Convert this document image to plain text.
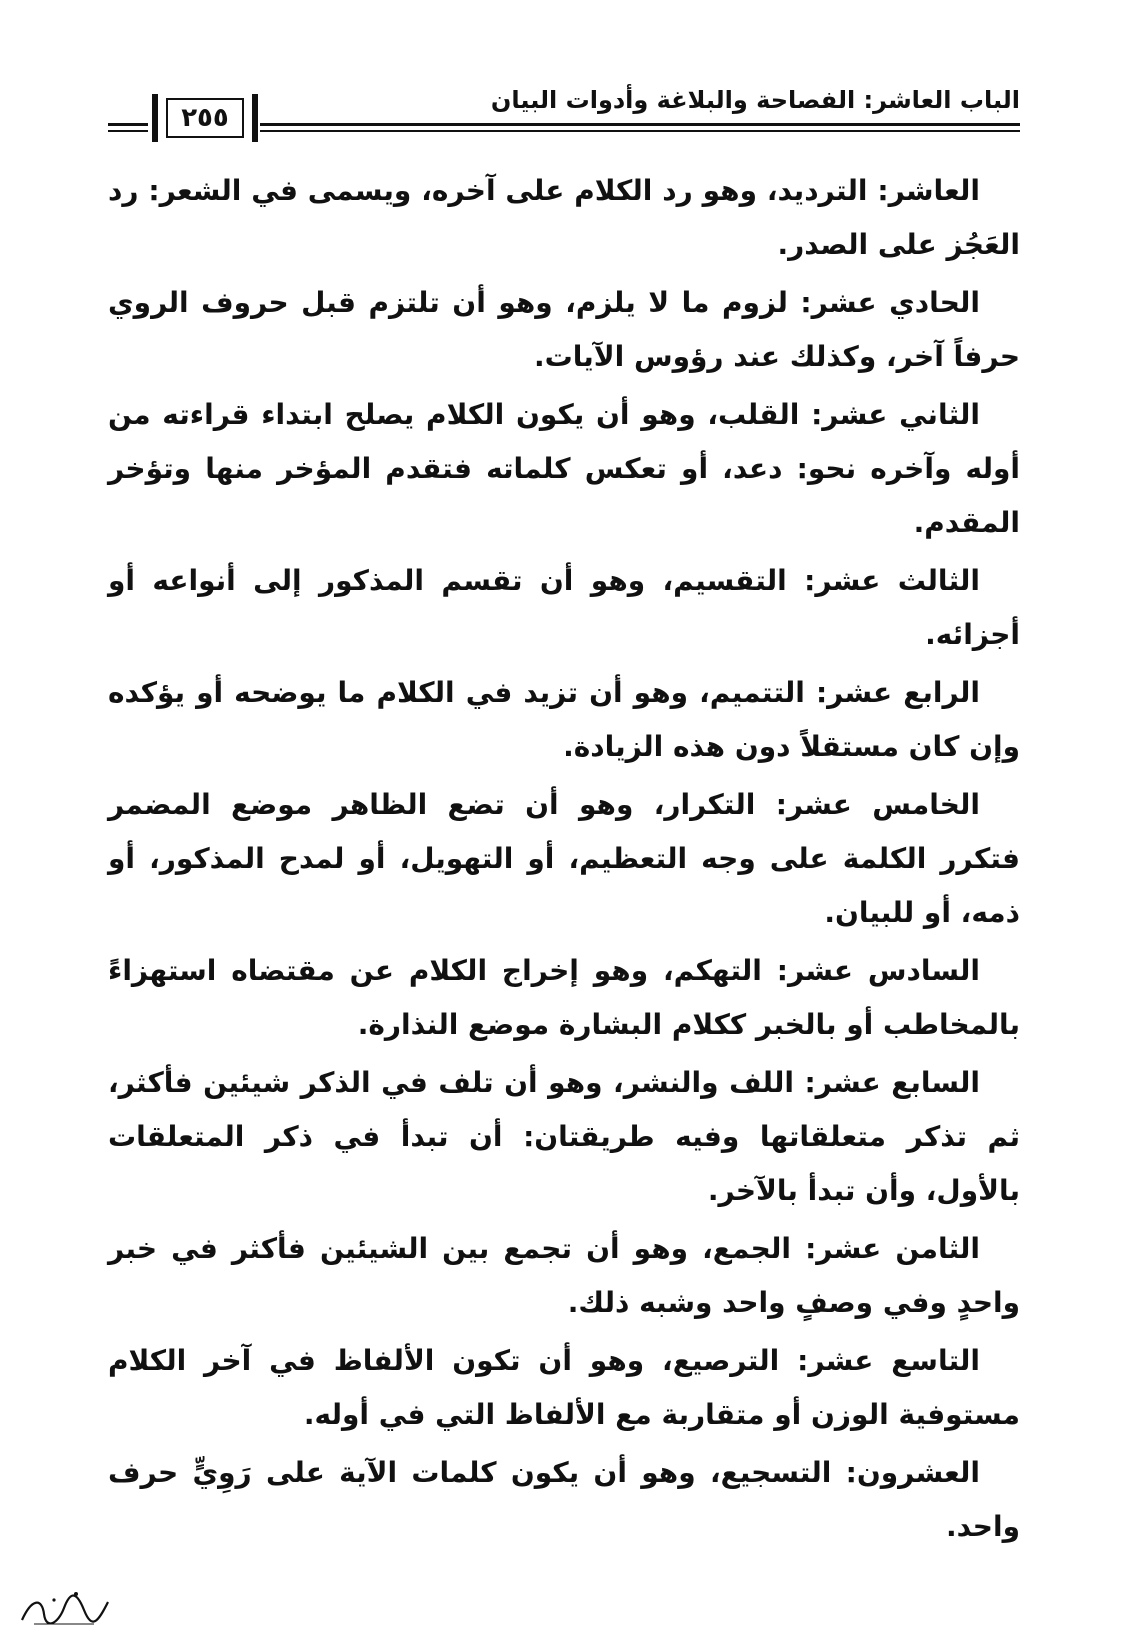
الباب العاشر: الفصاحة والبلاغة وأدوات البيان
٢٥٥

العاشر: الترديد، وهو رد الكلام على آخره، ويسمى في الشعر: رد العَجُز على الصدر.

الحادي عشر: لزوم ما لا يلزم، وهو أن تلتزم قبل حروف الروي حرفاً آخر، وكذلك عند رؤوس الآيات.

الثاني عشر: القلب، وهو أن يكون الكلام يصلح ابتداء قراءته من أوله وآخره نحو: دعد، أو تعكس كلماته فتقدم المؤخر منها وتؤخر المقدم.

الثالث عشر: التقسيم، وهو أن تقسم المذكور إلى أنواعه أو أجزائه.

الرابع عشر: التتميم، وهو أن تزيد في الكلام ما يوضحه أو يؤكده وإن كان مستقلاً دون هذه الزيادة.

الخامس عشر: التكرار، وهو أن تضع الظاهر موضع المضمر فتكرر الكلمة على وجه التعظيم، أو التهويل، أو لمدح المذكور، أو ذمه، أو للبيان.

السادس عشر: التهكم، وهو إخراج الكلام عن مقتضاه استهزاءً بالمخاطب أو بالخبر ككلام البشارة موضع النذارة.

السابع عشر: اللف والنشر، وهو أن تلف في الذكر شيئين فأكثر، ثم تذكر متعلقاتها وفيه طريقتان: أن تبدأ في ذكر المتعلقات بالأول، وأن تبدأ بالآخر.

الثامن عشر: الجمع، وهو أن تجمع بين الشيئين فأكثر في خبر واحدٍ وفي وصفٍ واحد وشبه ذلك.

التاسع عشر: الترصيع، وهو أن تكون الألفاظ في آخر الكلام مستوفية الوزن أو متقاربة مع الألفاظ التي في أوله.

العشرون: التسجيع، وهو أن يكون كلمات الآية على رَوِيٍّ حرف واحد.
